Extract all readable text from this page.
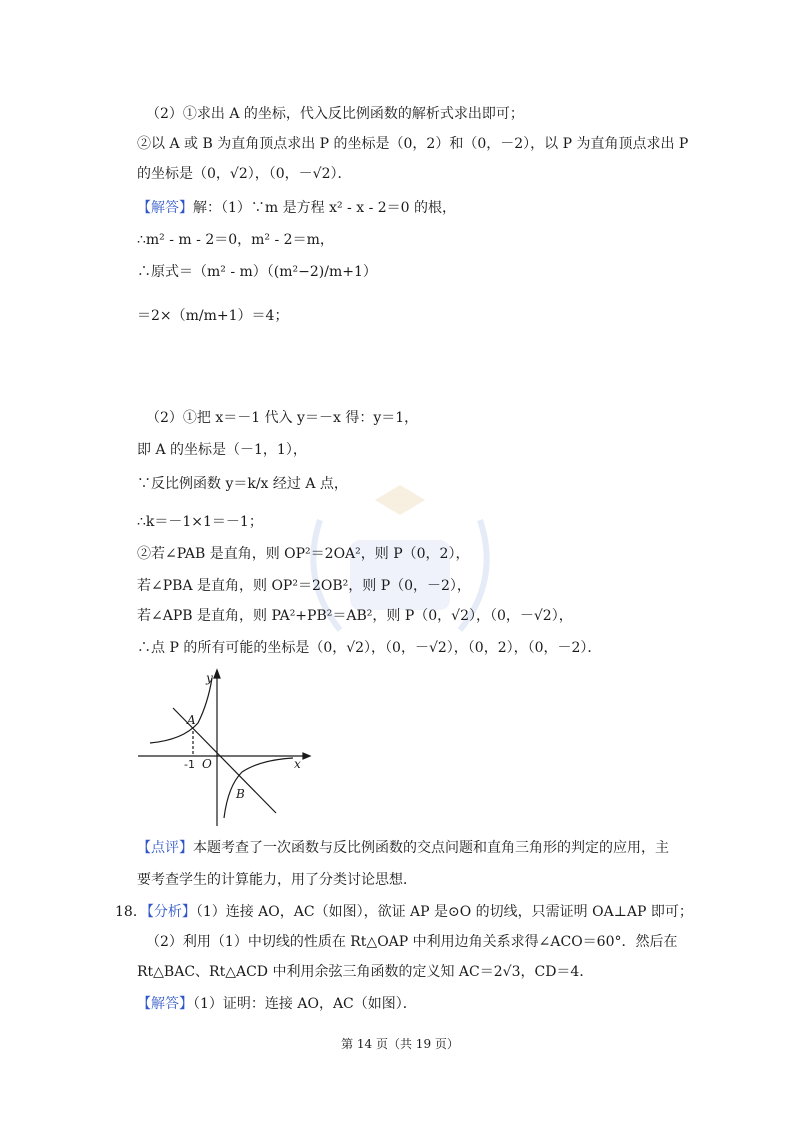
（2）①求出 A 的坐标，代入反比例函数的解析式求出即可；
②以 A 或 B 为直角顶点求出 P 的坐标是（0，2）和（0，－2），以 P 为直角顶点求出 P
的坐标是（0，√2），（0，－√2）．
【解答】解：（1）∵m 是方程 x² - x - 2＝0 的根，
∴m² - m - 2＝0，m² - 2＝m，
∴原式＝（m² - m）（(m²−2)/m+1）
＝2×（m/m+1）＝4；
（2）①把 x＝－1 代入 y＝－x 得：y＝1，
即 A 的坐标是（－1，1），
∵反比例函数 y＝k/x 经过 A 点，
∴k＝－1×1＝－1；
②若∠PAB 是直角，则 OP²＝2OA²，则 P（0，2），
若∠PBA 是直角，则 OP²＝2OB²，则 P（0，－2），
若∠APB 是直角，则 PA²+PB²＝AB²，则 P（0，√2），（0，－√2），
∴点 P 的所有可能的坐标是（0，√2），（0，－√2），（0，2），（0，－2）．
y
x
O
A
B
-1
【点评】本题考查了一次函数与反比例函数的交点问题和直角三角形的判定的应用，主
要考查学生的计算能力，用了分类讨论思想．
18．【分析】（1）连接 AO，AC（如图），欲证 AP 是⊙O 的切线，只需证明 OA⊥AP 即可；
（2）利用（1）中切线的性质在 Rt△OAP 中利用边角关系求得∠ACO＝60°．然后在
Rt△BAC、Rt△ACD 中利用余弦三角函数的定义知 AC＝2√3，CD＝4．
【解答】（1）证明：连接 AO，AC（如图）．
第 14 页（共 19 页）
